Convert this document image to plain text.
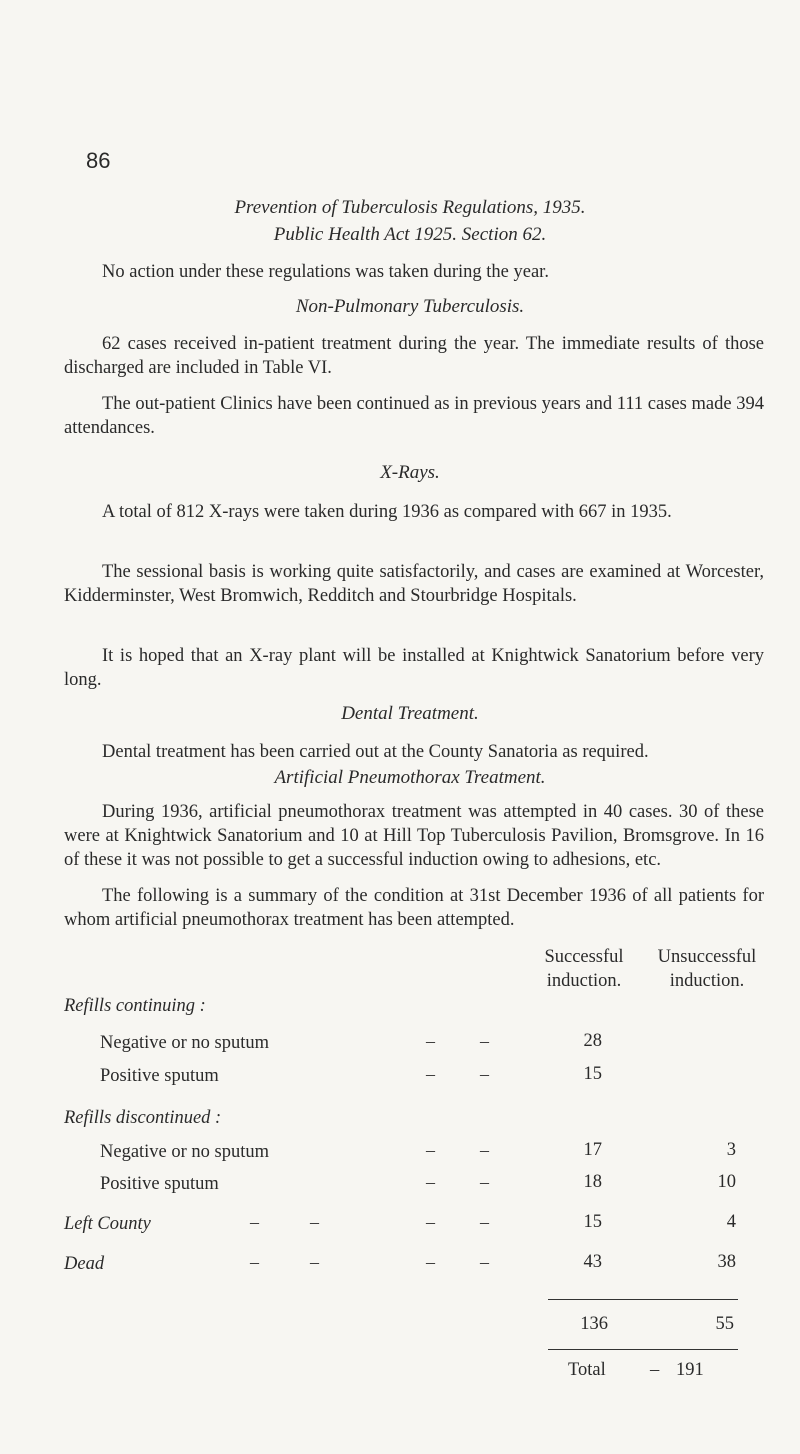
86
Prevention of Tuberculosis Regulations, 1935.
Public Health Act 1925. Section 62.
No action under these regulations was taken during the year.
Non-Pulmonary Tuberculosis.
62 cases received in-patient treatment during the year. The immediate results of those discharged are included in Table VI.
The out-patient Clinics have been continued as in previous years and 111 cases made 394 attendances.
X-Rays.
A total of 812 X-rays were taken during 1936 as compared with 667 in 1935.
The sessional basis is working quite satisfactorily, and cases are examined at Worcester, Kidderminster, West Bromwich, Redditch and Stourbridge Hospitals.
It is hoped that an X-ray plant will be installed at Knightwick Sanatorium before very long.
Dental Treatment.
Dental treatment has been carried out at the County Sanatoria as required.
Artificial Pneumothorax Treatment.
During 1936, artificial pneumothorax treatment was attempted in 40 cases. 30 of these were at Knightwick Sanatorium and 10 at Hill Top Tuberculosis Pavilion, Bromsgrove. In 16 of these it was not possible to get a successful induction owing to adhesions, etc.
The following is a summary of the condition at 31st December 1936 of all patients for whom artificial pneumothorax treatment has been attempted.
Successful
induction.
Unsuccessful
induction.
Refills continuing :
Negative or no sputum	–	–	28
Positive sputum	–	–	15
Refills discontinued :
Negative or no sputum	–	–	17	3
Positive sputum	–	–	18	10
Left County	–	–	–	–	15	4
Dead	–	–	–	–	43	38
136	55
Total – 191
